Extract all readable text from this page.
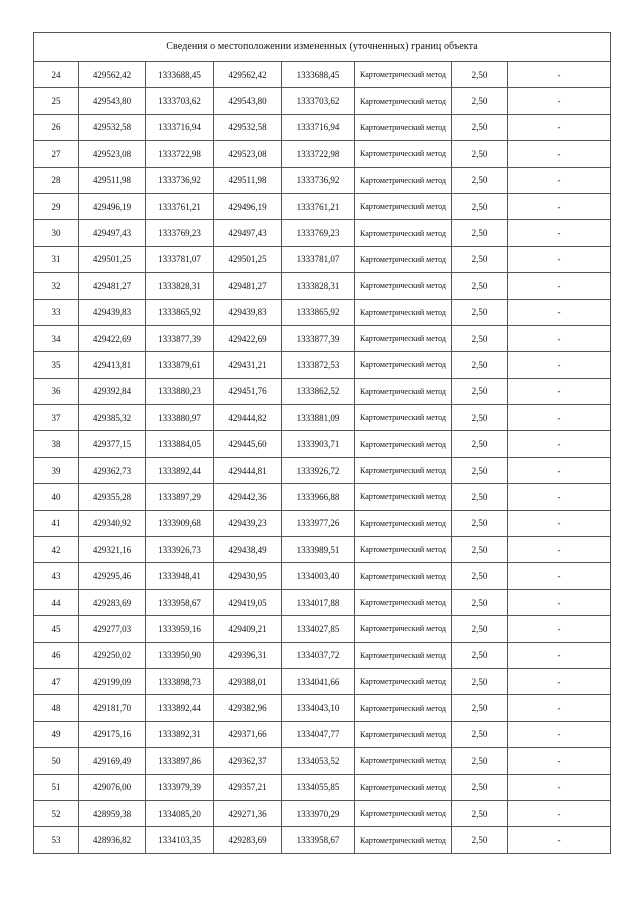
Сведения о местоположении измененных (уточненных) границ объекта							
24	429562,42	1333688,45	429562,42	1333688,45	Картометрический метод	2,50	-
25	429543,80	1333703,62	429543,80	1333703,62	Картометрический метод	2,50	-
26	429532,58	1333716,94	429532,58	1333716,94	Картометрический метод	2,50	-
27	429523,08	1333722,98	429523,08	1333722,98	Картометрический метод	2,50	-
28	429511,98	1333736,92	429511,98	1333736,92	Картометрический метод	2,50	-
29	429496,19	1333761,21	429496,19	1333761,21	Картометрический метод	2,50	-
30	429497,43	1333769,23	429497,43	1333769,23	Картометрический метод	2,50	-
31	429501,25	1333781,07	429501,25	1333781,07	Картометрический метод	2,50	-
32	429481,27	1333828,31	429481,27	1333828,31	Картометрический метод	2,50	-
33	429439,83	1333865,92	429439,83	1333865,92	Картометрический метод	2,50	-
34	429422,69	1333877,39	429422,69	1333877,39	Картометрический метод	2,50	-
35	429413,81	1333879,61	429431,21	1333872,53	Картометрический метод	2,50	-
36	429392,84	1333880,23	429451,76	1333862,52	Картометрический метод	2,50	-
37	429385,32	1333880,97	429444,82	1333881,09	Картометрический метод	2,50	-
38	429377,15	1333884,05	429445,60	1333903,71	Картометрический метод	2,50	-
39	429362,73	1333892,44	429444,81	1333926,72	Картометрический метод	2,50	-
40	429355,28	1333897,29	429442,36	1333966,88	Картометрический метод	2,50	-
41	429340,92	1333909,68	429439,23	1333977,26	Картометрический метод	2,50	-
42	429321,16	1333926,73	429438,49	1333989,51	Картометрический метод	2,50	-
43	429295,46	1333948,41	429430,95	1334003,40	Картометрический метод	2,50	-
44	429283,69	1333958,67	429419,05	1334017,88	Картометрический метод	2,50	-
45	429277,03	1333959,16	429409,21	1334027,85	Картометрический метод	2,50	-
46	429250,02	1333950,90	429396,31	1334037,72	Картометрический метод	2,50	-
47	429199,09	1333898,73	429388,01	1334041,66	Картометрический метод	2,50	-
48	429181,70	1333892,44	429382,96	1334043,10	Картометрический метод	2,50	-
49	429175,16	1333892,31	429371,66	1334047,77	Картометрический метод	2,50	-
50	429169,49	1333897,86	429362,37	1334053,52	Картометрический метод	2,50	-
51	429076,00	1333979,39	429357,21	1334055,85	Картометрический метод	2,50	-
52	428959,38	1334085,20	429271,36	1333970,29	Картометрический метод	2,50	-
53	428936,82	1334103,35	429283,69	1333958,67	Картометрический метод	2,50	-
